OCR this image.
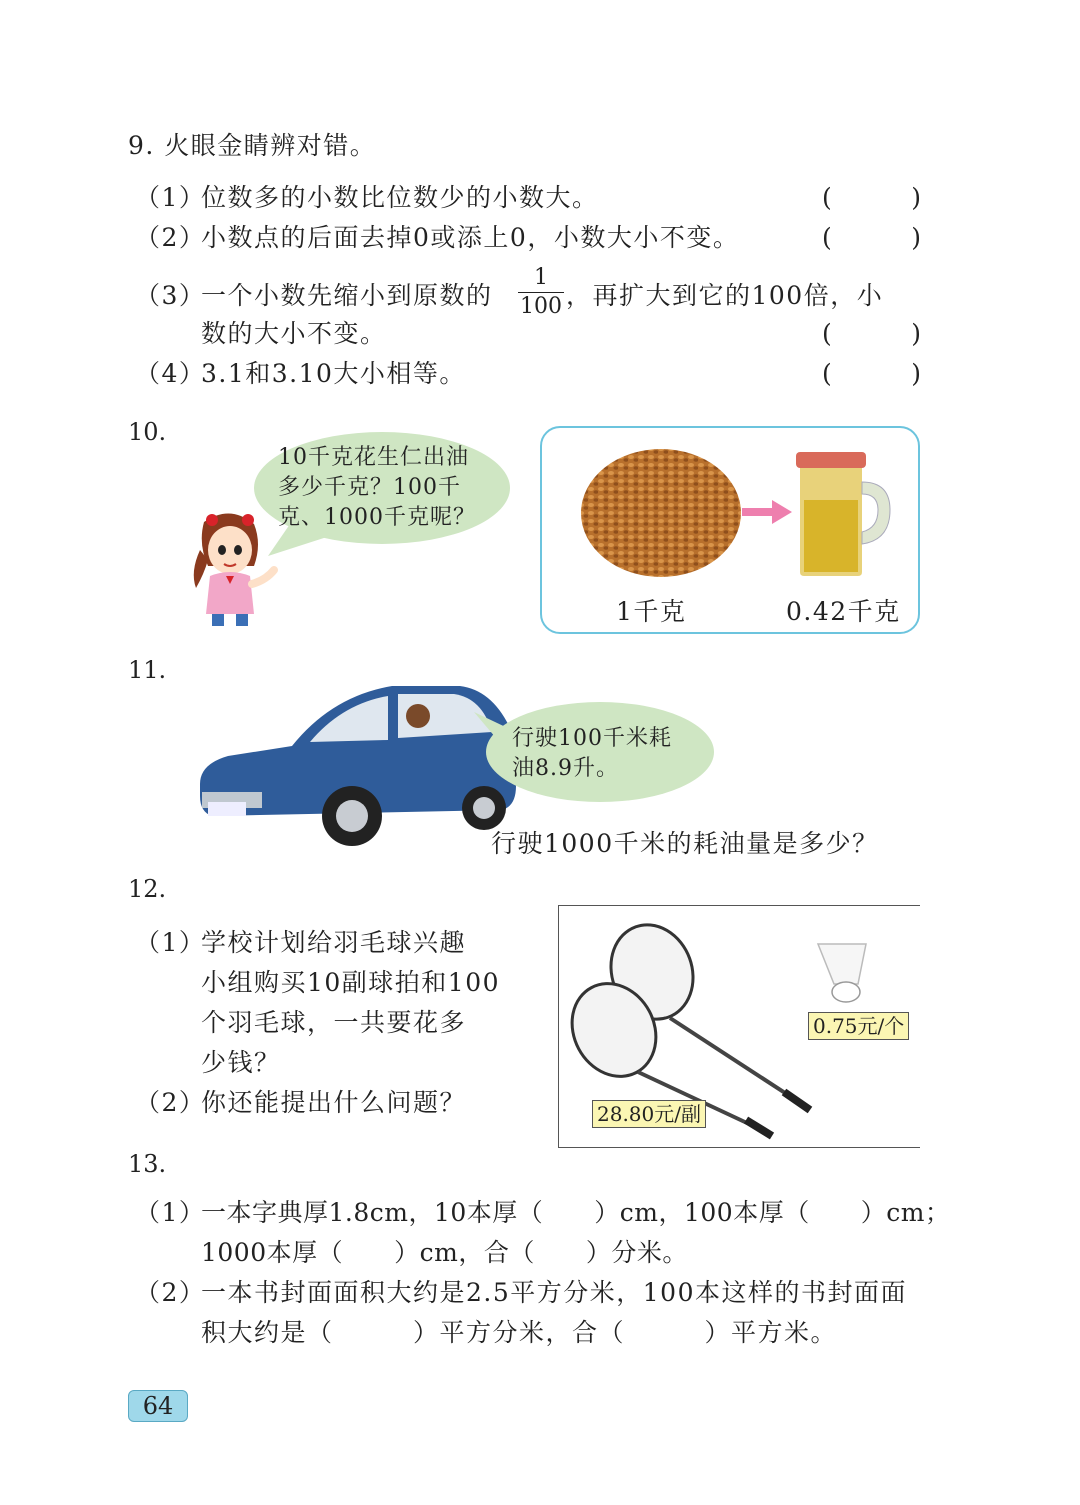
9. 火眼金睛辨对错。
（1）
位数多的小数比位数少的小数大。	(          )
（2）
小数点的后面去掉0或添上0，小数大小不变。	(          )
（3）
一个小数先缩小到原数的
1
100 ，再扩大到它的100倍，小
数的大小不变。	(          )
（4）
3.1和3.10大小相等。	(          )
10.
10千克花生仁出油
多少千克？100千
克、1000千克呢？
1千克	0.42千克
11.
行驶100千米耗
油8.9升。
行驶1000千米的耗油量是多少？
12.
（1）
学校计划给羽毛球兴趣
小组购买10副球拍和100
个羽毛球，一共要花多
少钱？
（2）
你还能提出什么问题？
0.75元/个
28.80元/副
13.
（1）
一本字典厚1.8cm，10本厚（　　）cm，100本厚（　　）cm；
1000本厚（　　）cm，合（　　）分米。
（2）
一本书封面面积大约是2.5平方分米，100本这样的书封面面
积大约是（　　　）平方分米，合（　　　）平方米。
64
